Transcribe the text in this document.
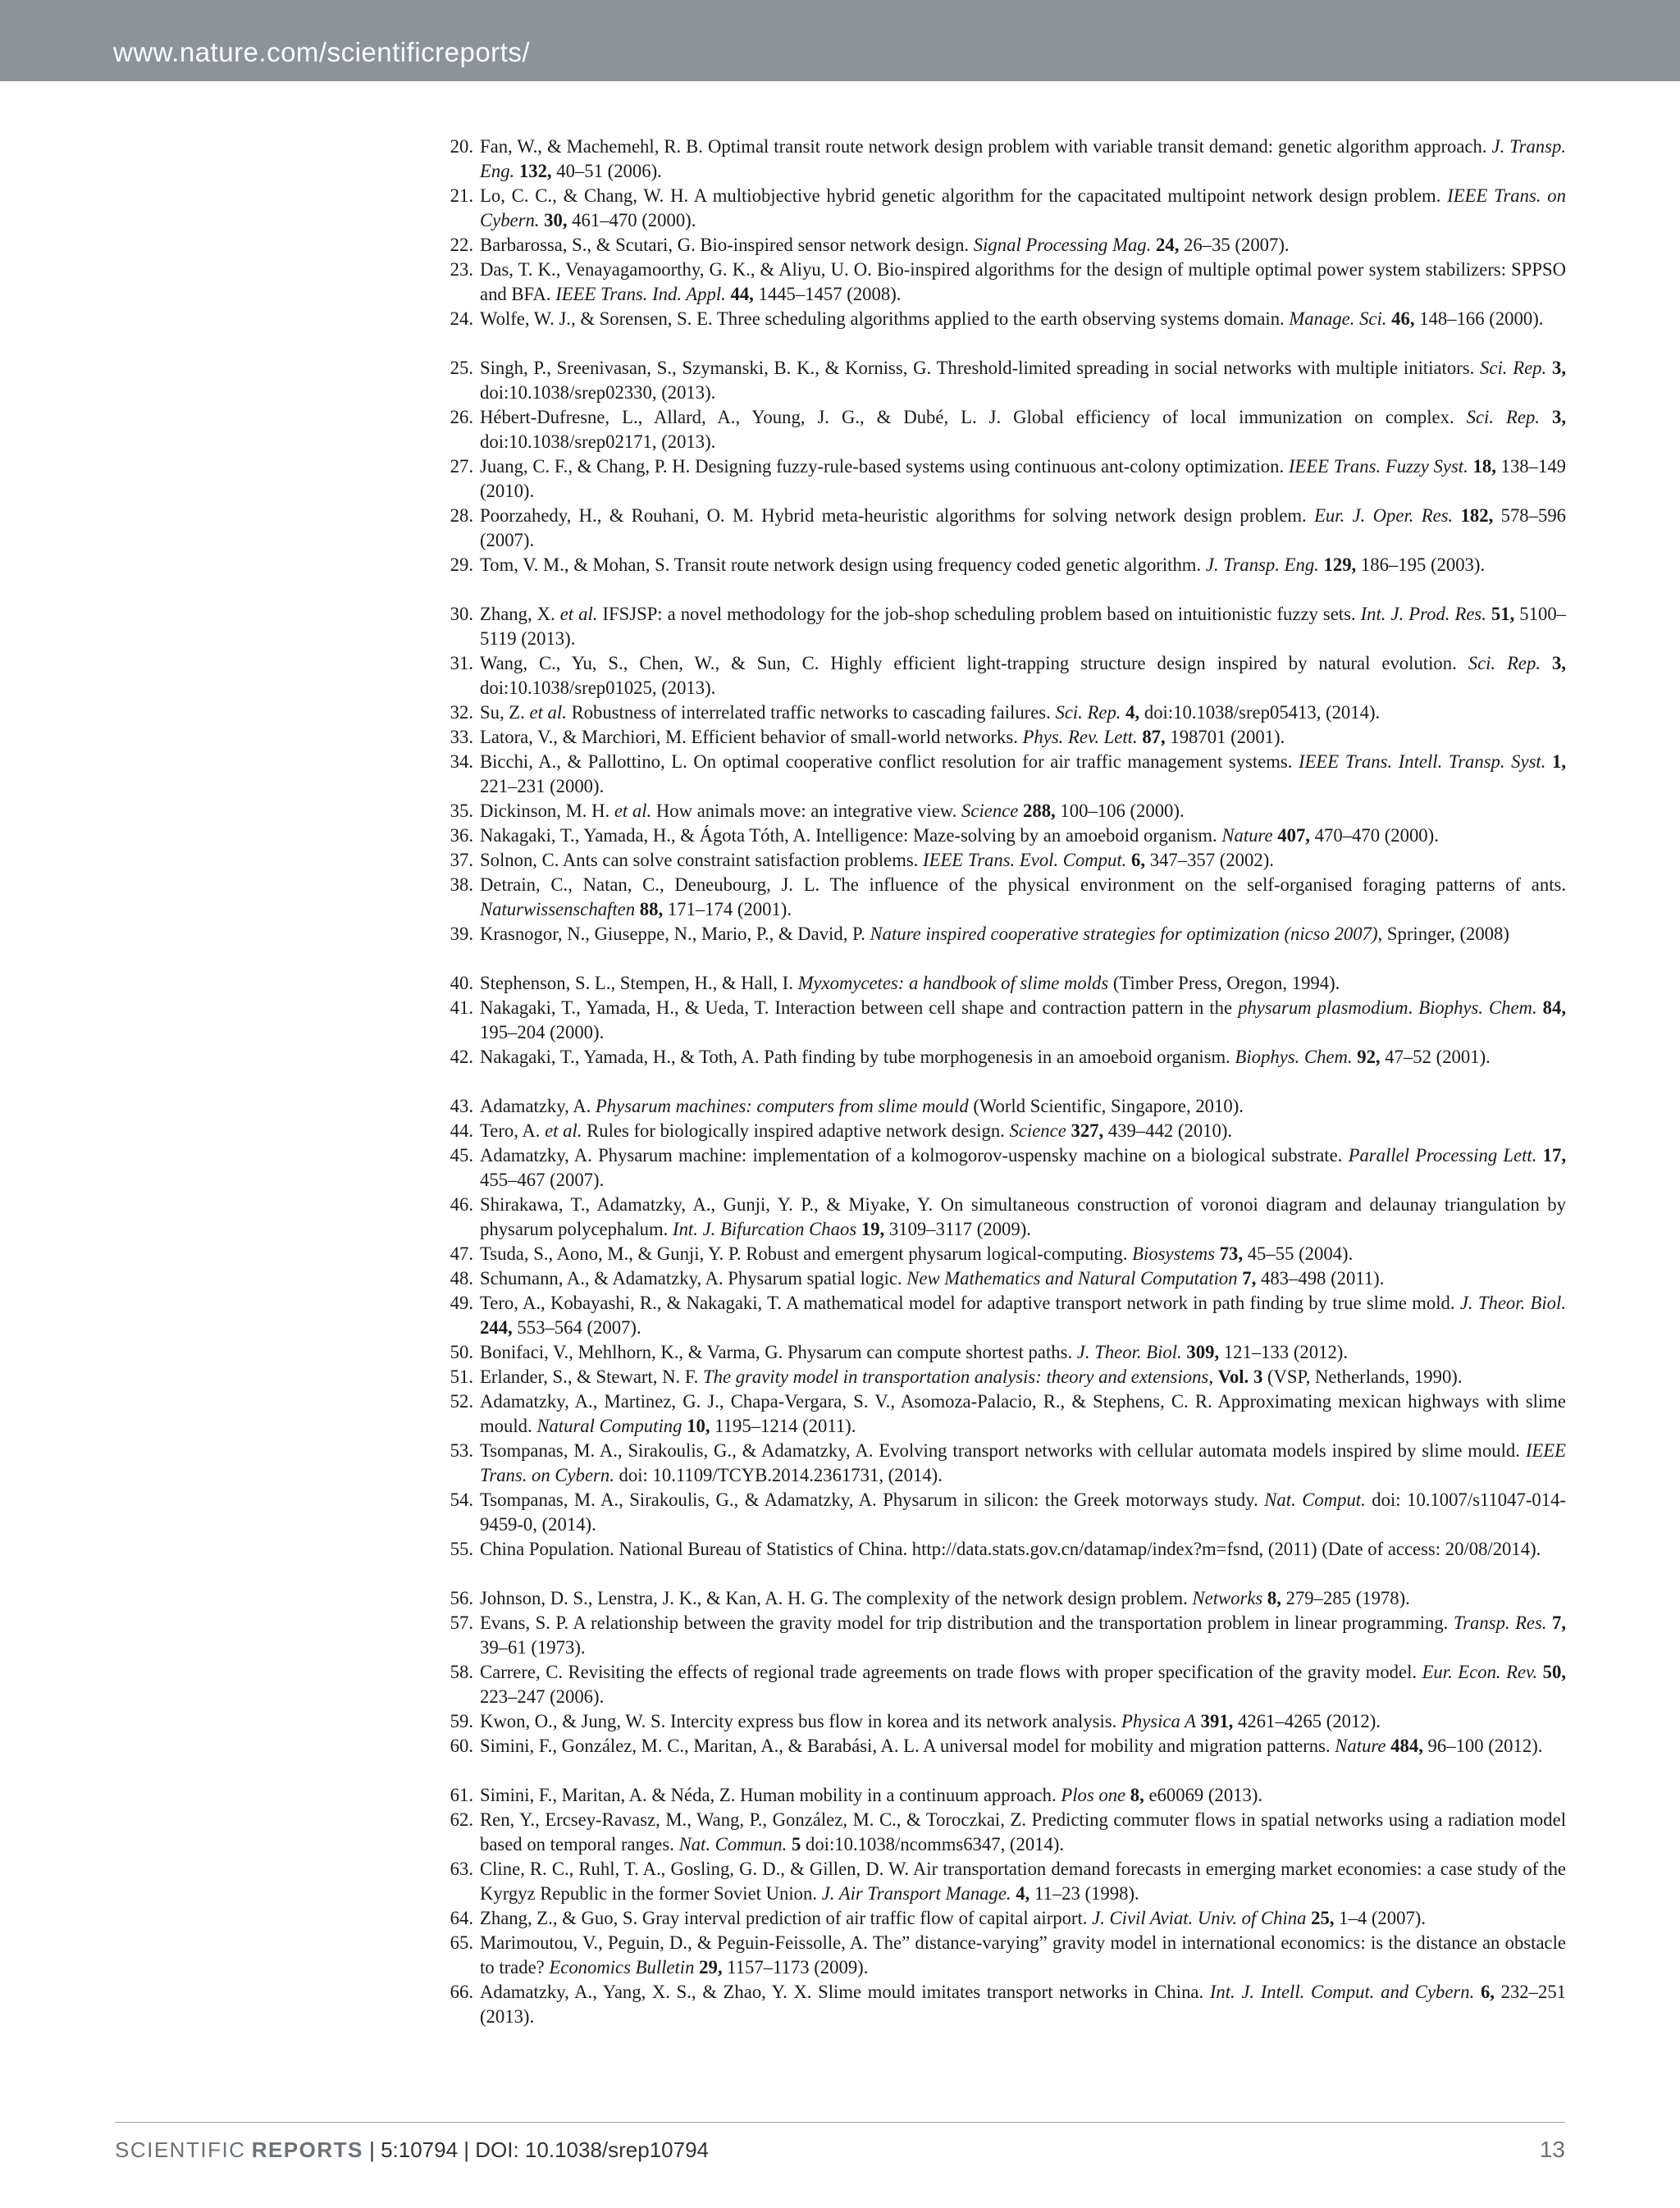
www.nature.com/scientificreports/
20. Fan, W., & Machemehl, R. B. Optimal transit route network design problem with variable transit demand: genetic algorithm approach. J. Transp. Eng. 132, 40–51 (2006).
21. Lo, C. C., & Chang, W. H. A multiobjective hybrid genetic algorithm for the capacitated multipoint network design problem. IEEE Trans. on Cybern. 30, 461–470 (2000).
22. Barbarossa, S., & Scutari, G. Bio-inspired sensor network design. Signal Processing Mag. 24, 26–35 (2007).
23. Das, T. K., Venayagamoorthy, G. K., & Aliyu, U. O. Bio-inspired algorithms for the design of multiple optimal power system stabilizers: SPPSO and BFA. IEEE Trans. Ind. Appl. 44, 1445–1457 (2008).
24. Wolfe, W. J., & Sorensen, S. E. Three scheduling algorithms applied to the earth observing systems domain. Manage. Sci. 46, 148–166 (2000).
25. Singh, P., Sreenivasan, S., Szymanski, B. K., & Korniss, G. Threshold-limited spreading in social networks with multiple initiators. Sci. Rep. 3, doi:10.1038/srep02330, (2013).
26. Hébert-Dufresne, L., Allard, A., Young, J. G., & Dubé, L. J. Global efficiency of local immunization on complex. Sci. Rep. 3, doi:10.1038/srep02171, (2013).
27. Juang, C. F., & Chang, P. H. Designing fuzzy-rule-based systems using continuous ant-colony optimization. IEEE Trans. Fuzzy Syst. 18, 138–149 (2010).
28. Poorzahedy, H., & Rouhani, O. M. Hybrid meta-heuristic algorithms for solving network design problem. Eur. J. Oper. Res. 182, 578–596 (2007).
29. Tom, V. M., & Mohan, S. Transit route network design using frequency coded genetic algorithm. J. Transp. Eng. 129, 186–195 (2003).
30. Zhang, X. et al. IFSJSP: a novel methodology for the job-shop scheduling problem based on intuitionistic fuzzy sets. Int. J. Prod. Res. 51, 5100–5119 (2013).
31. Wang, C., Yu, S., Chen, W., & Sun, C. Highly efficient light-trapping structure design inspired by natural evolution. Sci. Rep. 3, doi:10.1038/srep01025, (2013).
32. Su, Z. et al. Robustness of interrelated traffic networks to cascading failures. Sci. Rep. 4, doi:10.1038/srep05413, (2014).
33. Latora, V., & Marchiori, M. Efficient behavior of small-world networks. Phys. Rev. Lett. 87, 198701 (2001).
34. Bicchi, A., & Pallottino, L. On optimal cooperative conflict resolution for air traffic management systems. IEEE Trans. Intell. Transp. Syst. 1, 221–231 (2000).
35. Dickinson, M. H. et al. How animals move: an integrative view. Science 288, 100–106 (2000).
36. Nakagaki, T., Yamada, H., & Ágota Tóth, A. Intelligence: Maze-solving by an amoeboid organism. Nature 407, 470–470 (2000).
37. Solnon, C. Ants can solve constraint satisfaction problems. IEEE Trans. Evol. Comput. 6, 347–357 (2002).
38. Detrain, C., Natan, C., Deneubourg, J. L. The influence of the physical environment on the self-organised foraging patterns of ants. Naturwissenschaften 88, 171–174 (2001).
39. Krasnogor, N., Giuseppe, N., Mario, P., & David, P. Nature inspired cooperative strategies for optimization (nicso 2007), Springer, (2008)
40. Stephenson, S. L., Stempen, H., & Hall, I. Myxomycetes: a handbook of slime molds (Timber Press, Oregon, 1994).
41. Nakagaki, T., Yamada, H., & Ueda, T. Interaction between cell shape and contraction pattern in the physarum plasmodium. Biophys. Chem. 84, 195–204 (2000).
42. Nakagaki, T., Yamada, H., & Toth, A. Path finding by tube morphogenesis in an amoeboid organism. Biophys. Chem. 92, 47–52 (2001).
43. Adamatzky, A. Physarum machines: computers from slime mould (World Scientific, Singapore, 2010).
44. Tero, A. et al. Rules for biologically inspired adaptive network design. Science 327, 439–442 (2010).
45. Adamatzky, A. Physarum machine: implementation of a kolmogorov-uspensky machine on a biological substrate. Parallel Processing Lett. 17, 455–467 (2007).
46. Shirakawa, T., Adamatzky, A., Gunji, Y. P., & Miyake, Y. On simultaneous construction of voronoi diagram and delaunay triangulation by physarum polycephalum. Int. J. Bifurcation Chaos 19, 3109–3117 (2009).
47. Tsuda, S., Aono, M., & Gunji, Y. P. Robust and emergent physarum logical-computing. Biosystems 73, 45–55 (2004).
48. Schumann, A., & Adamatzky, A. Physarum spatial logic. New Mathematics and Natural Computation 7, 483–498 (2011).
49. Tero, A., Kobayashi, R., & Nakagaki, T. A mathematical model for adaptive transport network in path finding by true slime mold. J. Theor. Biol. 244, 553–564 (2007).
50. Bonifaci, V., Mehlhorn, K., & Varma, G. Physarum can compute shortest paths. J. Theor. Biol. 309, 121–133 (2012).
51. Erlander, S., & Stewart, N. F. The gravity model in transportation analysis: theory and extensions, Vol. 3 (VSP, Netherlands, 1990).
52. Adamatzky, A., Martinez, G. J., Chapa-Vergara, S. V., Asomoza-Palacio, R., & Stephens, C. R. Approximating mexican highways with slime mould. Natural Computing 10, 1195–1214 (2011).
53. Tsompanas, M. A., Sirakoulis, G., & Adamatzky, A. Evolving transport networks with cellular automata models inspired by slime mould. IEEE Trans. on Cybern. doi: 10.1109/TCYB.2014.2361731, (2014).
54. Tsompanas, M. A., Sirakoulis, G., & Adamatzky, A. Physarum in silicon: the Greek motorways study. Nat. Comput. doi: 10.1007/s11047-014-9459-0, (2014).
55. China Population. National Bureau of Statistics of China. http://data.stats.gov.cn/datamap/index?m=fsnd, (2011) (Date of access: 20/08/2014).
56. Johnson, D. S., Lenstra, J. K., & Kan, A. H. G. The complexity of the network design problem. Networks 8, 279–285 (1978).
57. Evans, S. P. A relationship between the gravity model for trip distribution and the transportation problem in linear programming. Transp. Res. 7, 39–61 (1973).
58. Carrere, C. Revisiting the effects of regional trade agreements on trade flows with proper specification of the gravity model. Eur. Econ. Rev. 50, 223–247 (2006).
59. Kwon, O., & Jung, W. S. Intercity express bus flow in korea and its network analysis. Physica A 391, 4261–4265 (2012).
60. Simini, F., González, M. C., Maritan, A., & Barabási, A. L. A universal model for mobility and migration patterns. Nature 484, 96–100 (2012).
61. Simini, F., Maritan, A. & Néda, Z. Human mobility in a continuum approach. Plos one 8, e60069 (2013).
62. Ren, Y., Ercsey-Ravasz, M., Wang, P., González, M. C., & Toroczkai, Z. Predicting commuter flows in spatial networks using a radiation model based on temporal ranges. Nat. Commun. 5 doi:10.1038/ncomms6347, (2014).
63. Cline, R. C., Ruhl, T. A., Gosling, G. D., & Gillen, D. W. Air transportation demand forecasts in emerging market economies: a case study of the Kyrgyz Republic in the former Soviet Union. J. Air Transport Manage. 4, 11–23 (1998).
64. Zhang, Z., & Guo, S. Gray interval prediction of air traffic flow of capital airport. J. Civil Aviat. Univ. of China 25, 1–4 (2007).
65. Marimoutou, V., Peguin, D., & Peguin-Feissolle, A. The” distance-varying” gravity model in international economics: is the distance an obstacle to trade? Economics Bulletin 29, 1157–1173 (2009).
66. Adamatzky, A., Yang, X. S., & Zhao, Y. X. Slime mould imitates transport networks in China. Int. J. Intell. Comput. and Cybern. 6, 232–251 (2013).
SCIENTIFIC REPORTS | 5:10794 | DOI: 10.1038/srep10794	13
